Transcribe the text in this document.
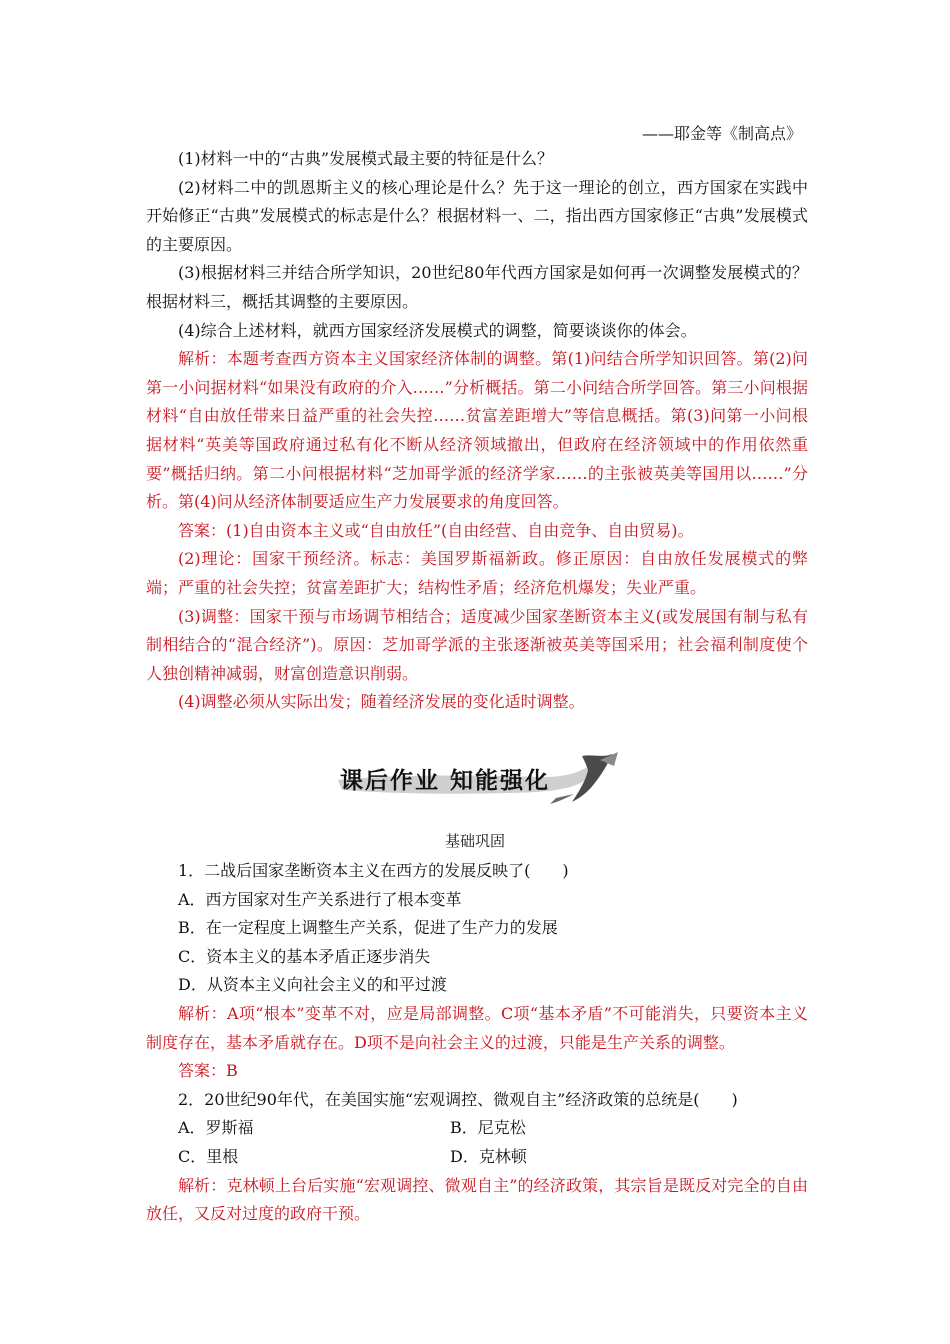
——耶金等《制高点》

(1)材料一中的“古典”发展模式最主要的特征是什么？

(2)材料二中的凯恩斯主义的核心理论是什么？先于这一理论的创立，西方国家在实践中开始修正“古典”发展模式的标志是什么？根据材料一、二，指出西方国家修正“古典”发展模式的主要原因。

(3)根据材料三并结合所学知识，20世纪80年代西方国家是如何再一次调整发展模式的？根据材料三，概括其调整的主要原因。

(4)综合上述材料，就西方国家经济发展模式的调整，简要谈谈你的体会。

解析：本题考查西方资本主义国家经济体制的调整。第(1)问结合所学知识回答。第(2)问第一小问据材料“如果没有政府的介入……”分析概括。第二小问结合所学回答。第三小问根据材料“自由放任带来日益严重的社会失控……贫富差距增大”等信息概括。第(3)问第一小问根据材料“英美等国政府通过私有化不断从经济领域撤出，但政府在经济领域中的作用依然重要”概括归纳。第二小问根据材料“芝加哥学派的经济学家……的主张被英美等国用以……”分析。第(4)问从经济体制要适应生产力发展要求的角度回答。

答案：(1)自由资本主义或“自由放任”(自由经营、自由竞争、自由贸易)。

(2)理论：国家干预经济。标志：美国罗斯福新政。修正原因：自由放任发展模式的弊端；严重的社会失控；贫富差距扩大；结构性矛盾；经济危机爆发；失业严重。

(3)调整：国家干预与市场调节相结合；适度减少国家垄断资本主义(或发展国有制与私有制相结合的“混合经济”)。原因：芝加哥学派的主张逐渐被英美等国采用；社会福利制度使个人独创精神减弱，财富创造意识削弱。

(4)调整必须从实际出发；随着经济发展的变化适时调整。

课后作业 知能强化
基础巩固

1．二战后国家垄断资本主义在西方的发展反映了(　　)

A．西方国家对生产关系进行了根本变革

B．在一定程度上调整生产关系，促进了生产力的发展

C．资本主义的基本矛盾正逐步消失

D．从资本主义向社会主义的和平过渡

解析：A项“根本”变革不对，应是局部调整。C项“基本矛盾”不可能消失，只要资本主义制度存在，基本矛盾就存在。D项不是向社会主义的过渡，只能是生产关系的调整。

答案：B

2．20世纪90年代，在美国实施“宏观调控、微观自主”经济政策的总统是(　　)

A．罗斯福	B．尼克松

C．里根	D．克林顿

解析：克林顿上台后实施“宏观调控、微观自主”的经济政策，其宗旨是既反对完全的自由放任，又反对过度的政府干预。
